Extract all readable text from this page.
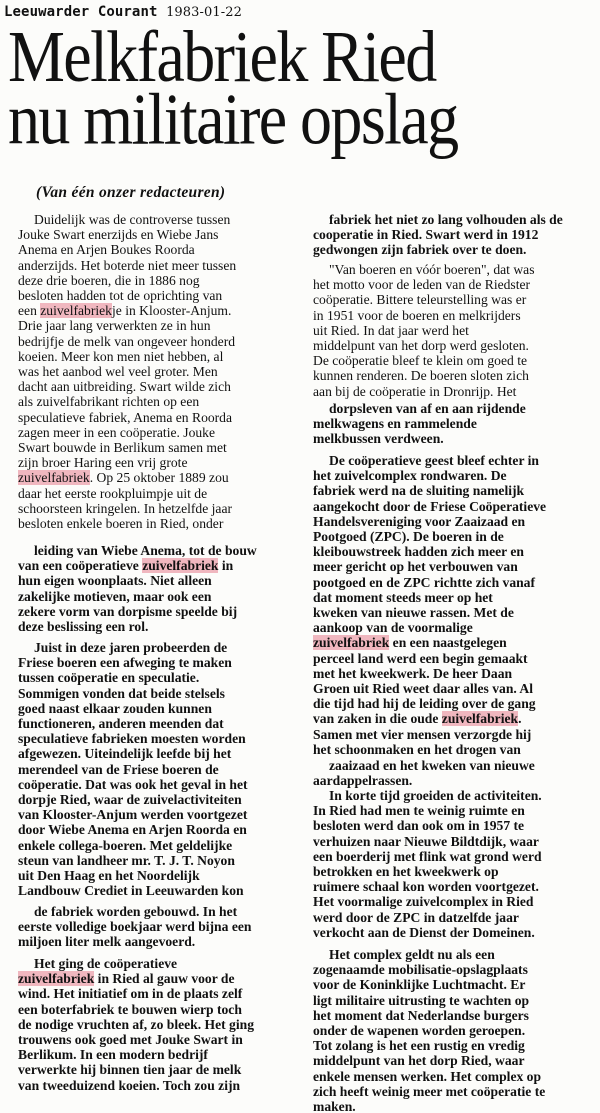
Leeuwarder Courant 1983-01-22
Melkfabriek Ried
nu militaire opslag
(Van één onzer redacteuren)

Duidelijk was de controverse tussen

Jouke Swart enerzijds en Wiebe Jans

Anema en Arjen Boukes Roorda

anderzijds. Het boterde niet meer tussen

deze drie boeren, die in 1886 nog

besloten hadden tot de oprichting van

een zuivelfabriekje in Klooster-Anjum.

Drie jaar lang verwerkten ze in hun

bedrijfje de melk van ongeveer honderd

koeien. Meer kon men niet hebben, al

was het aanbod wel veel groter. Men

dacht aan uitbreiding. Swart wilde zich

als zuivelfabrikant richten op een

speculatieve fabriek, Anema en Roorda

zagen meer in een coöperatie. Jouke

Swart bouwde in Berlikum samen met

zijn broer Haring een vrij grote

zuivelfabriek. Op 25 oktober 1889 zou

daar het eerste rookpluimpje uit de

schoorsteen kringelen. In hetzelfde jaar

besloten enkele boeren in Ried, onder

leiding van Wiebe Anema, tot de bouw

van een coöperatieve zuivelfabriek in

hun eigen woonplaats. Niet alleen

zakelijke motieven, maar ook een

zekere vorm van dorpisme speelde bij

deze beslissing een rol.

Juist in deze jaren probeerden de

Friese boeren een afweging te maken

tussen coöperatie en speculatie.

Sommigen vonden dat beide stelsels

goed naast elkaar zouden kunnen

functioneren, anderen meenden dat

speculatieve fabrieken moesten worden

afgewezen. Uiteindelijk leefde bij het

merendeel van de Friese boeren de

coöperatie. Dat was ook het geval in het

dorpje Ried, waar de zuivelactiviteiten

van Klooster-Anjum werden voortgezet

door Wiebe Anema en Arjen Roorda en

enkele collega-boeren. Met geldelijke

steun van landheer mr. T. J. T. Noyon

uit Den Haag en het Noordelijk

Landbouw Crediet in Leeuwarden kon

de fabriek worden gebouwd. In het

eerste volledige boekjaar werd bijna een

miljoen liter melk aangevoerd.

Het ging de coöperatieve

zuivelfabriek in Ried al gauw voor de

wind. Het initiatief om in de plaats zelf

een boterfabriek te bouwen wierp toch

de nodige vruchten af, zo bleek. Het ging

trouwens ook goed met Jouke Swart in

Berlikum. In een modern bedrijf

verwerkte hij binnen tien jaar de melk

van tweeduizend koeien. Toch zou zijn

fabriek het niet zo lang volhouden als de

cooperatie in Ried. Swart werd in 1912

gedwongen zijn fabriek over te doen.

"Van boeren en vóór boeren", dat was

het motto voor de leden van de Riedster

coöperatie. Bittere teleurstelling was er

in 1951 voor de boeren en melkrijders

uit Ried. In dat jaar werd het

middelpunt van het dorp werd gesloten.

De coöperatie bleef te klein om goed te

kunnen renderen. De boeren sloten zich

aan bij de coöperatie in Dronrijp. Het

dorpsleven van af en aan rijdende

melkwagens en rammelende

melkbussen verdween.

De coöperatieve geest bleef echter in

het zuivelcomplex rondwaren. De

fabriek werd na de sluiting namelijk

aangekocht door de Friese Coöperatieve

Handelsvereniging voor Zaaizaad en

Pootgoed (ZPC). De boeren in de

kleibouwstreek hadden zich meer en

meer gericht op het verbouwen van

pootgoed en de ZPC richtte zich vanaf

dat moment steeds meer op het

kweken van nieuwe rassen. Met de

aankoop van de voormalige

zuivelfabriek en een naastgelegen

perceel land werd een begin gemaakt

met het kweekwerk. De heer Daan

Groen uit Ried weet daar alles van. Al

die tijd had hij de leiding over de gang

van zaken in die oude zuivelfabriek.

Samen met vier mensen verzorgde hij

het schoonmaken en het drogen van

zaaizaad en het kweken van nieuwe

aardappelrassen.

In korte tijd groeiden de activiteiten.

In Ried had men te weinig ruimte en

besloten werd dan ook om in 1957 te

verhuizen naar Nieuwe Bildtdijk, waar

een boerderij met flink wat grond werd

betrokken en het kweekwerk op

ruimere schaal kon worden voortgezet.

Het voormalige zuivelcomplex in Ried

werd door de ZPC in datzelfde jaar

verkocht aan de Dienst der Domeinen.

Het complex geldt nu als een

zogenaamde mobilisatie-opslagplaats

voor de Koninklijke Luchtmacht. Er

ligt militaire uitrusting te wachten op

het moment dat Nederlandse burgers

onder de wapenen worden geroepen.

Tot zolang is het een rustig en vredig

middelpunt van het dorp Ried, waar

enkele mensen werken. Het complex op

zich heeft weinig meer met coöperatie te

maken.
